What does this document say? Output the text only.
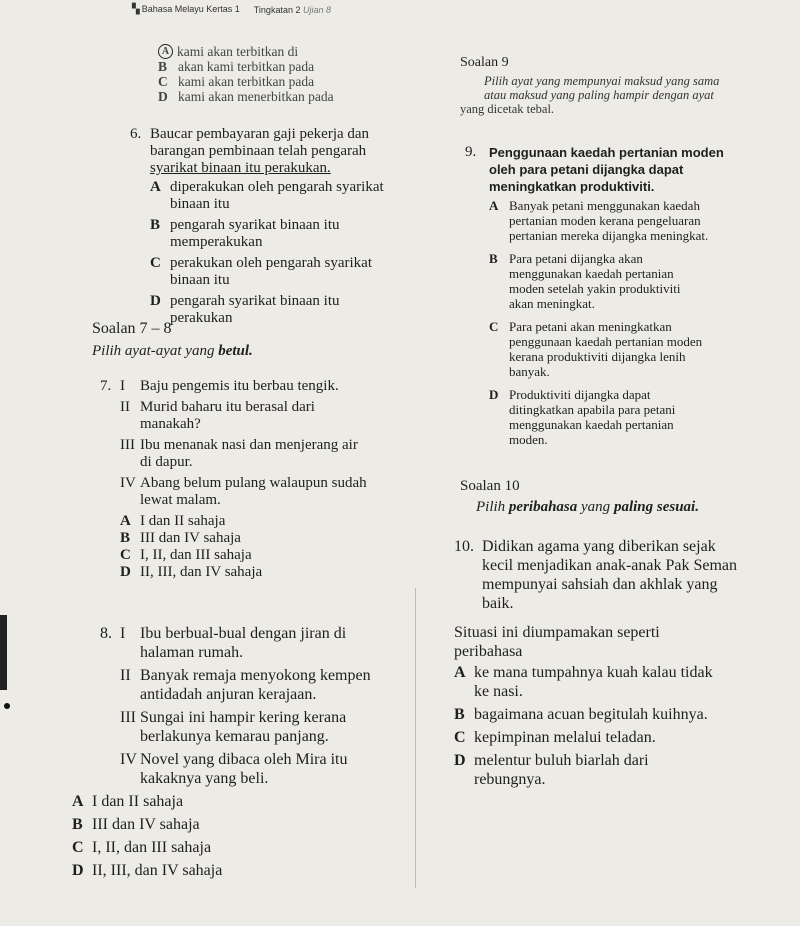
▚ Bahasa Melayu Kertas 1 Tingkatan 2 Ujian 8
A kami akan terbitkan di
B akan kami terbitkan pada
C kami akan terbitkan pada
D kami akan menerbitkan pada
6. Baucar pembayaran gaji pekerja dan
barangan pembinaan telah pengarah
syarikat binaan itu perakukan.
A diperakukan oleh pengarah syarikat
binaan itu
B pengarah syarikat binaan itu
memperakukan
C perakukan oleh pengarah syarikat
binaan itu
D pengarah syarikat binaan itu
perakukan
Soalan 7 – 8
Pilih ayat-ayat yang betul.
7. I	Baju pengemis itu berbau tengik.
II Murid baharu itu berasal dari
manakah?
III Ibu menanak nasi dan menjerang air
di dapur.
IV Abang belum pulang walaupun sudah
lewat malam.
A I dan II sahaja
B III dan IV sahaja
C I, II, dan III sahaja
D II, III, dan IV sahaja
8. I Ibu berbual-bual dengan jiran di
halaman rumah.
II Banyak remaja menyokong kempen
antidadah anjuran kerajaan.
III Sungai ini hampir kering kerana
berlakunya kemarau panjang.
IV Novel yang dibaca oleh Mira itu
kakaknya yang beli.
A I dan II sahaja
B III dan IV sahaja
C I, II, dan III sahaja
D II, III, dan IV sahaja
Soalan 9
Pilih ayat yang mempunyai maksud yang sama
atau maksud yang paling hampir dengan ayat
yang dicetak tebal.
9. Penggunaan kaedah pertanian moden
oleh para petani dijangka dapat
meningkatkan produktiviti.
A Banyak petani menggunakan kaedah
pertanian moden kerana pengeluaran
pertanian mereka dijangka meningkat.
B Para petani dijangka akan
menggunakan kaedah pertanian
moden setelah yakin produktiviti
akan meningkat.
C Para petani akan meningkatkan
penggunaan kaedah pertanian moden
kerana produktiviti dijangka lenih
banyak.
D Produktiviti dijangka dapat
ditingkatkan apabila para petani
menggunakan kaedah pertanian
moden.
Soalan 10
Pilih peribahasa yang paling sesuai.
10. Didikan agama yang diberikan sejak
kecil menjadikan anak-anak Pak Seman
mempunyai sahsiah dan akhlak yang
baik.
Situasi ini diumpamakan seperti
peribahasa
A ke mana tumpahnya kuah kalau tidak
ke nasi.
B bagaimana acuan begitulah kuihnya.
C kepimpinan melalui teladan.
D melentur buluh biarlah dari
rebungnya.
